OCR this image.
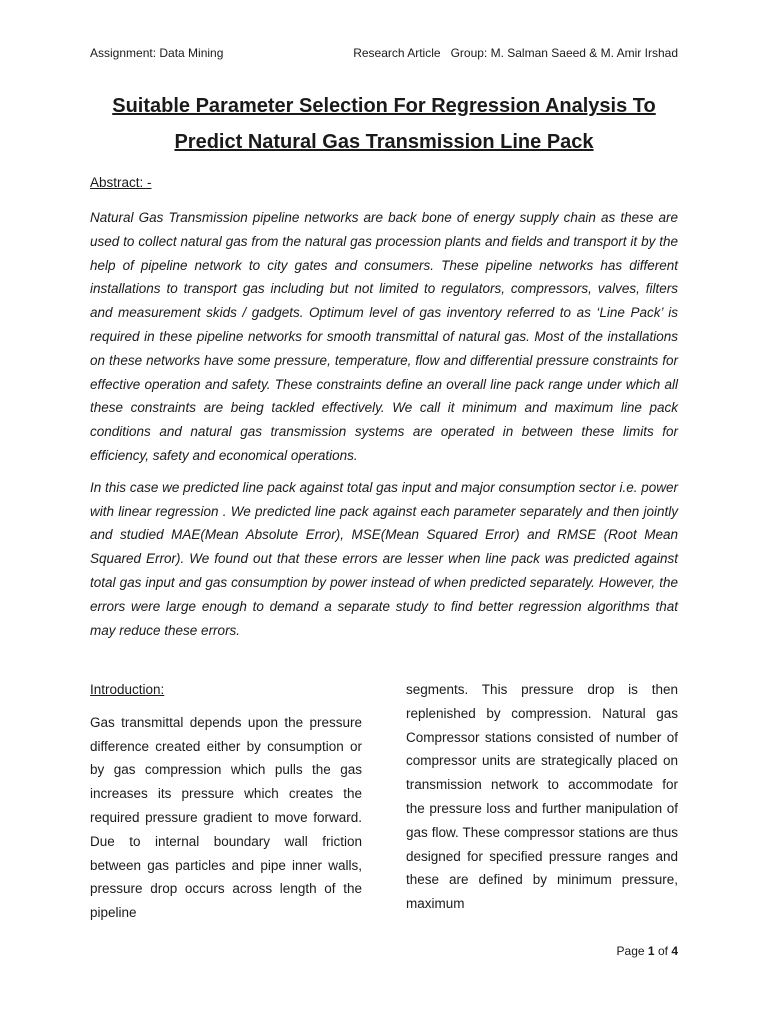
Assignment: Data Mining	Research Article Group: M. Salman Saeed & M. Amir Irshad
Suitable Parameter Selection For Regression Analysis To
Predict Natural Gas Transmission Line Pack
Abstract: -

Natural Gas Transmission pipeline networks are back bone of energy supply chain as these are used to collect natural gas from the natural gas procession plants and fields and transport it by the help of pipeline network to city gates and consumers. These pipeline networks has different installations to transport gas including but not limited to regulators, compressors, valves, filters and measurement skids / gadgets. Optimum level of gas inventory referred to as ‘Line Pack’ is required in these pipeline networks for smooth transmittal of natural gas. Most of the installations on these networks have some pressure, temperature, flow and differential pressure constraints for effective operation and safety. These constraints define an overall line pack range under which all these constraints are being tackled effectively. We call it minimum and maximum line pack conditions and natural gas transmission systems are operated in between these limits for efficiency, safety and economical operations.

In this case we predicted line pack against total gas input and major consumption sector i.e. power with linear regression . We predicted line pack against each parameter separately and then jointly and studied MAE(Mean Absolute Error), MSE(Mean Squared Error) and RMSE (Root Mean Squared Error). We found out that these errors are lesser when line pack was predicted against total gas input and gas consumption by power instead of when predicted separately. However, the errors were large enough to demand a separate study to find better regression algorithms that may reduce these errors.

Introduction:

Gas transmittal depends upon the pressure difference created either by consumption or by gas compression which pulls the gas increases its pressure which creates the required pressure gradient to move forward. Due to internal boundary wall friction between gas particles and pipe inner walls, pressure drop occurs across length of the pipeline

segments. This pressure drop is then replenished by compression. Natural gas Compressor stations consisted of number of compressor units are strategically placed on transmission network to accommodate for the pressure loss and further manipulation of gas flow. These compressor stations are thus designed for specified pressure ranges and these are defined by minimum pressure, maximum

Page 1 of 4
